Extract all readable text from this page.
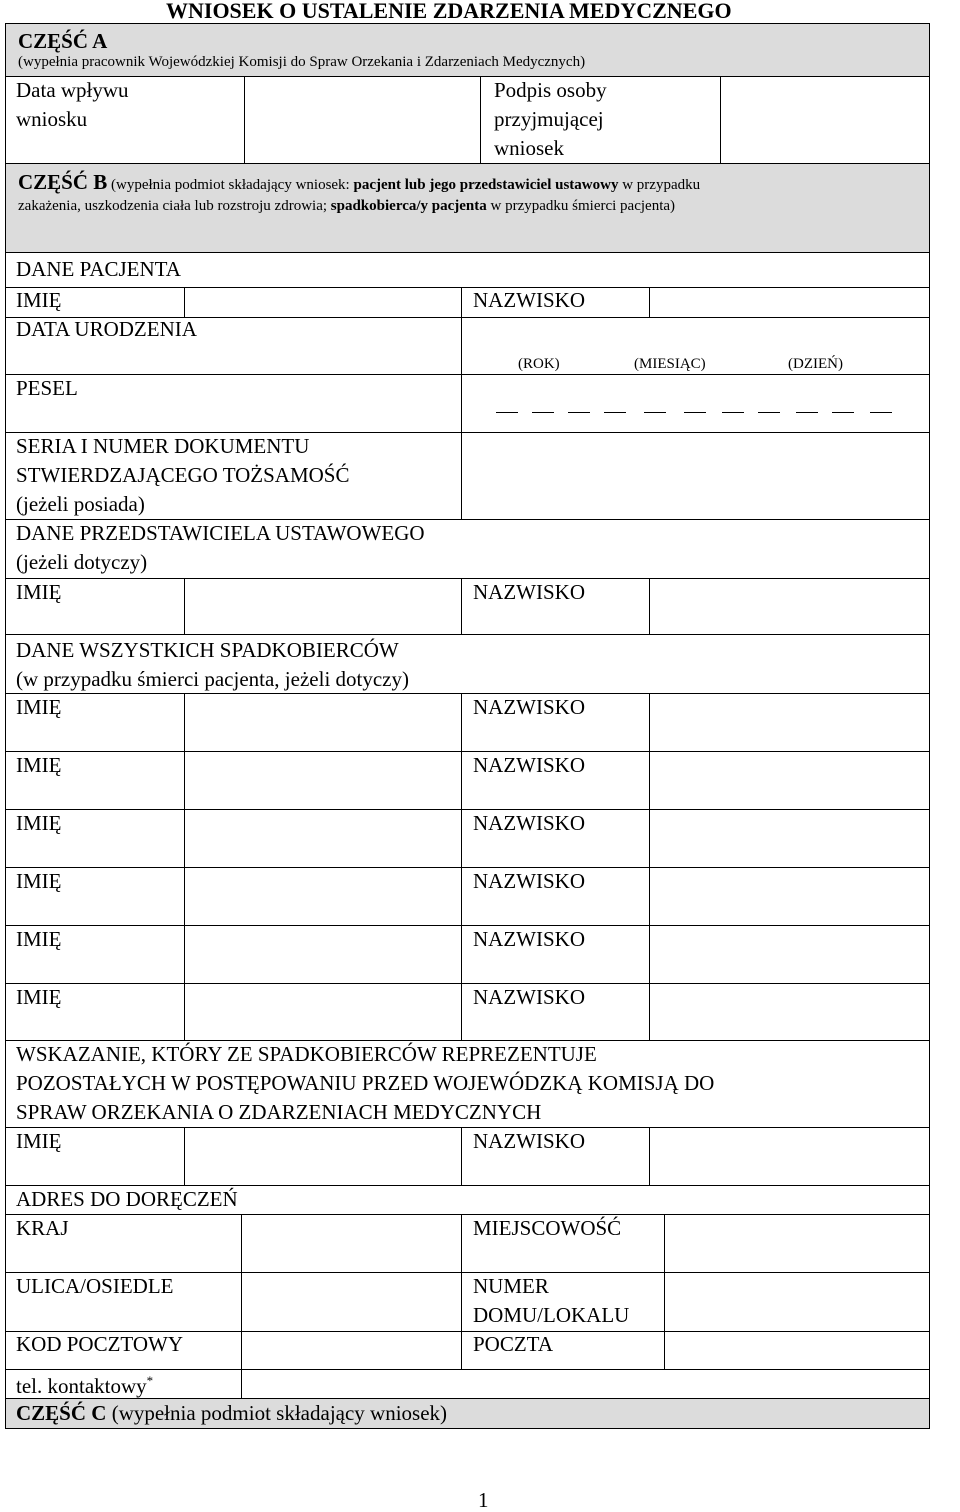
WNIOSEK O USTALENIE ZDARZENIA MEDYCZNEGO
CZĘŚĆ A
(wypełnia pracownik Wojewódzkiej Komisji do Spraw Orzekania i Zdarzeniach Medycznych)
Data wpływu
wniosku
Podpis osoby
przyjmującej
wniosek
CZĘŚĆ B (wypełnia podmiot składający wniosek: pacjent lub jego przedstawiciel ustawowy w przypadku
zakażenia, uszkodzenia ciała lub rozstroju zdrowia; spadkobierca/y pacjenta w przypadku śmierci pacjenta)
DANE PACJENTA
IMIĘ	NAZWISKO
DATA URODZENIA
(ROK)	(MIESIĄC)	(DZIEŃ)
PESEL
SERIA I NUMER DOKUMENTU
STWIERDZAJĄCEGO TOŻSAMOŚĆ
(jeżeli posiada)
DANE PRZEDSTAWICIELA USTAWOWEGO
(jeżeli dotyczy)
IMIĘ	NAZWISKO
DANE WSZYSTKICH SPADKOBIERCÓW
(w przypadku śmierci pacjenta, jeżeli dotyczy)
IMIĘ	NAZWISKO
IMIĘ	NAZWISKO
IMIĘ	NAZWISKO
IMIĘ	NAZWISKO
IMIĘ	NAZWISKO
IMIĘ	NAZWISKO
WSKAZANIE, KTÓRY ZE SPADKOBIERCÓW REPREZENTUJE
POZOSTAŁYCH W POSTĘPOWANIU PRZED WOJEWÓDZKĄ KOMISJĄ DO
SPRAW ORZEKANIA O ZDARZENIACH MEDYCZNYCH
IMIĘ	NAZWISKO
ADRES DO DORĘCZEŃ
KRAJ	MIEJSCOWOŚĆ
ULICA/OSIEDLE	NUMER
DOMU/LOKALU
KOD POCZTOWY	POCZTA
tel. kontaktowy*
CZĘŚĆ C (wypełnia podmiot składający wniosek)
1
